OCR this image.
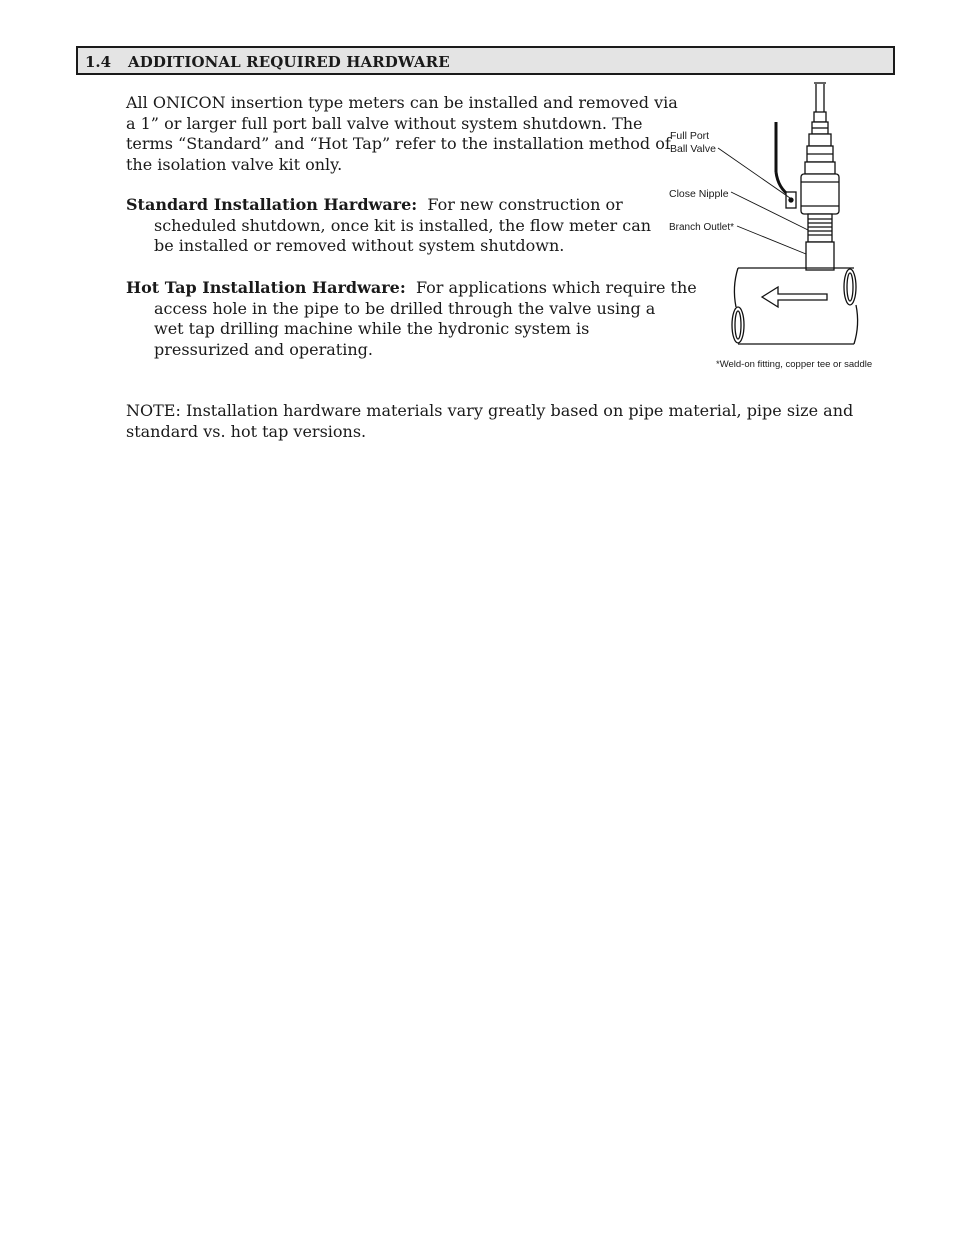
1.4 ADDITIONAL REQUIRED HARDWARE
All ONICON insertion type meters can be installed and removed via
a 1” or larger full port ball valve without system shutdown. The
terms “Standard” and “Hot Tap” refer to the installation method of
the isolation valve kit only.
Standard Installation Hardware: For new construction or
scheduled shutdown, once kit is installed, the flow meter can
be installed or removed without system shutdown.
Hot Tap Installation Hardware: For applications which require the
access hole in the pipe to be drilled through the valve using a
wet tap drilling machine while the hydronic system is
pressurized and operating.
NOTE: Installation hardware materials vary greatly based on pipe material, pipe size and
standard vs. hot tap versions.
Full Port
Ball Valve
Close Nipple
Branch Outlet*
*Weld-on fitting, copper tee or saddle
